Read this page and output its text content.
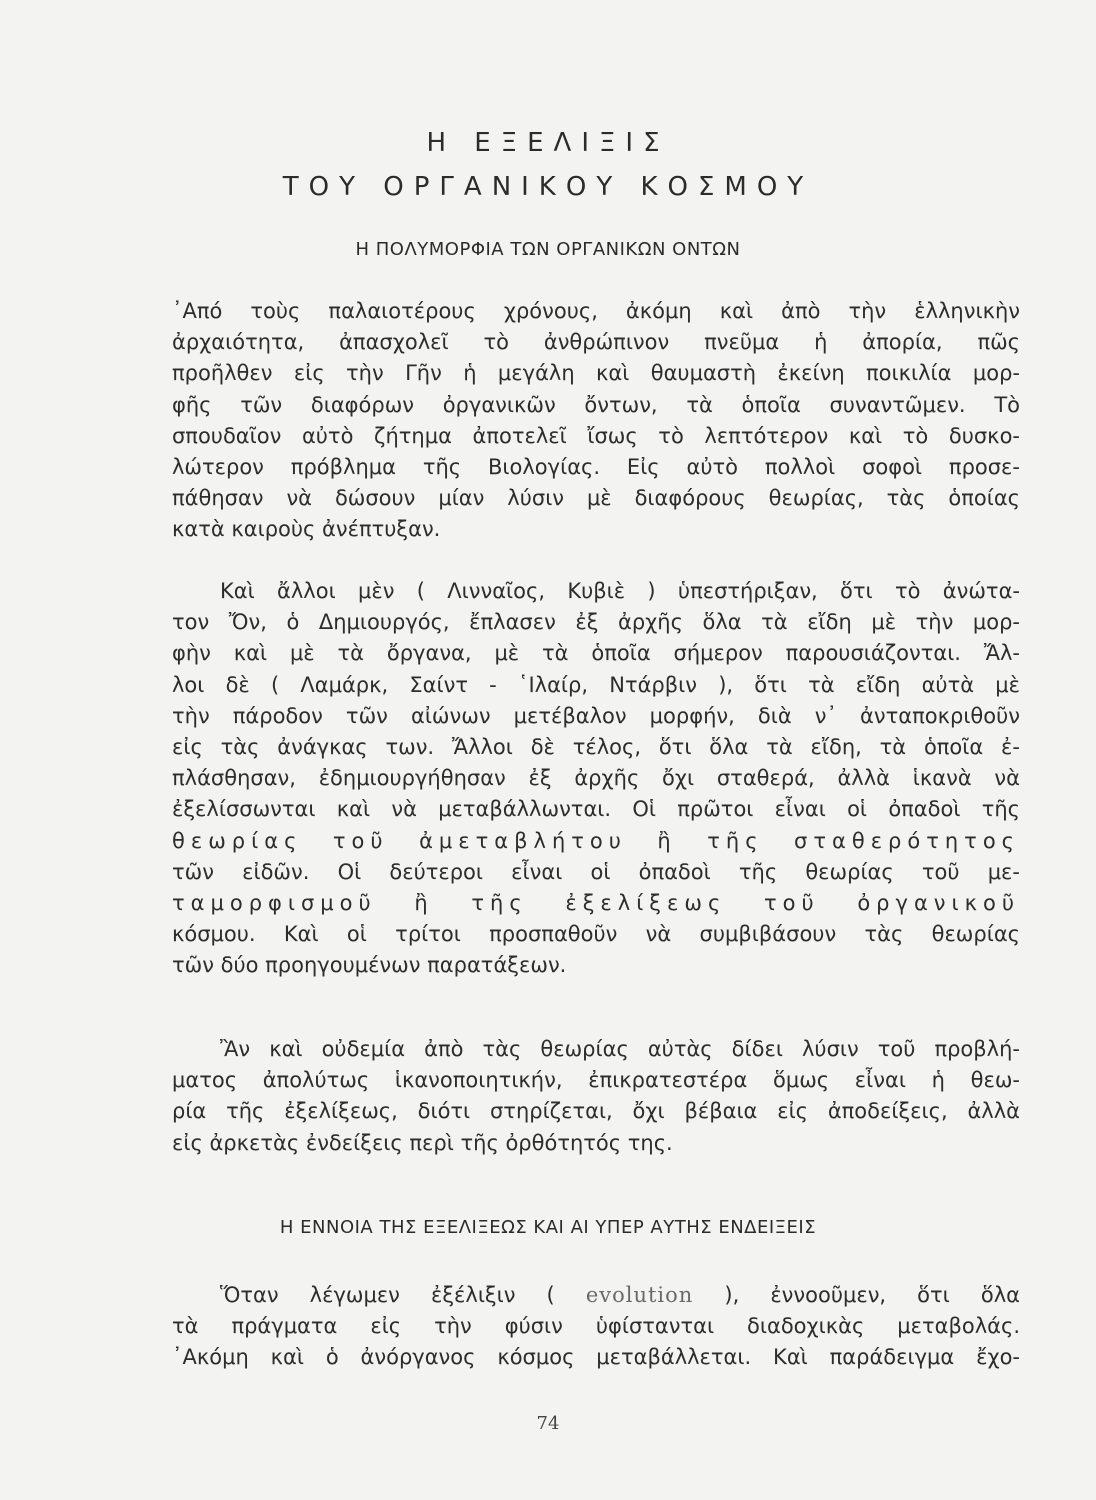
Η ΕΞΕΛΙΞΙΣ
ΤΟΥ ΟΡΓΑΝΙΚΟΥ ΚΟΣΜΟΥ
Η ΠΟΛΥΜΟΡΦΙΑ ΤΩΝ ΟΡΓΑΝΙΚΩΝ ΟΝΤΩΝ
᾿Από τοὺς παλαιοτέρους χρόνους, ἀκόμη καὶ ἀπὸ τὴν ἑλληνικὴν
ἀρχαιότητα, ἀπασχολεῖ τὸ ἀνθρώπινον πνεῦμα ἡ ἀπορία, πῶς
προῆλθεν εἰς τὴν Γῆν ἡ μεγάλη καὶ θαυμαστὴ ἐκείνη ποικιλία μορ-
φῆς τῶν διαφόρων ὀργανικῶν ὄντων, τὰ ὁποῖα συναντῶμεν. Τὸ
σπουδαῖον αὐτὸ ζήτημα ἀποτελεῖ ἴσως τὸ λεπτότερον καὶ τὸ δυσκο-
λώτερον πρόβλημα τῆς Βιολογίας. Εἰς αὐτὸ πολλοὶ σοφοὶ προσε-
πάθησαν νὰ δώσουν μίαν λύσιν μὲ διαφόρους θεωρίας, τὰς ὁποίας
κατὰ καιροὺς ἀνέπτυξαν.
Καὶ ἄλλοι μὲν ( Λινναῖος, Κυβιὲ ) ὑπεστήριξαν, ὅτι τὸ ἀνώτα-
τον Ὄν, ὁ Δημιουργός, ἔπλασεν ἐξ ἀρχῆς ὅλα τὰ εἴδη μὲ τὴν μορ-
φὴν καὶ μὲ τὰ ὄργανα, μὲ τὰ ὁποῖα σήμερον παρουσιάζονται. Ἄλ-
λοι δὲ ( Λαμάρκ, Σαίντ - ῾Ιλαίρ, Ντάρβιν ), ὅτι τὰ εἴδη αὐτὰ μὲ
τὴν πάροδον τῶν αἰώνων μετέβαλον μορφήν, διὰ ν᾿ ἀνταποκριθοῦν
εἰς τὰς ἀνάγκας των. Ἄλλοι δὲ τέλος, ὅτι ὅλα τὰ εἴδη, τὰ ὁποῖα ἐ-
πλάσθησαν, ἐδημιουργήθησαν ἐξ ἀρχῆς ὄχι σταθερά, ἀλλὰ ἱκανὰ νὰ
ἐξελίσσωνται καὶ νὰ μεταβάλλωνται. Οἱ πρῶτοι εἶναι οἱ ὀπαδοὶ τῆς
θεωρίας τοῦ ἀμεταβλήτου ἢ τῆς σταθερότητος
τῶν εἰδῶν. Οἱ δεύτεροι εἶναι οἱ ὀπαδοὶ τῆς θεωρίας τοῦ με-
ταμορφισμοῦ ἢ τῆς ἐξελίξεως τοῦ ὀργανικοῦ
κόσμου. Καὶ οἱ τρίτοι προσπαθοῦν νὰ συμβιβάσουν τὰς θεωρίας
τῶν δύο προηγουμένων παρατάξεων.
Ἂν καὶ οὐδεμία ἀπὸ τὰς θεωρίας αὐτὰς δίδει λύσιν τοῦ προβλή-
ματος ἀπολύτως ἱκανοποιητικήν, ἐπικρατεστέρα ὅμως εἶναι ἡ θεω-
ρία τῆς ἐξελίξεως, διότι στηρίζεται, ὄχι βέβαια εἰς ἀποδείξεις, ἀλλὰ
εἰς ἀρκετὰς ἐνδείξεις περὶ τῆς ὀρθότητός της.
Η ΕΝΝΟΙΑ ΤΗΣ ΕΞΕΛΙΞΕΩΣ ΚΑΙ ΑΙ ΥΠΕΡ ΑΥΤΗΣ ΕΝΔΕΙΞΕΙΣ
Ὅταν λέγωμεν ἐξέλιξιν ( evolution ), ἐννοοῦμεν, ὅτι ὅλα
τὰ πράγματα εἰς τὴν φύσιν ὑφίστανται διαδοχικὰς μεταβολάς.
᾿Ακόμη καὶ ὁ ἀνόργανος κόσμος μεταβάλλεται. Καὶ παράδειγμα ἔχο-
74
